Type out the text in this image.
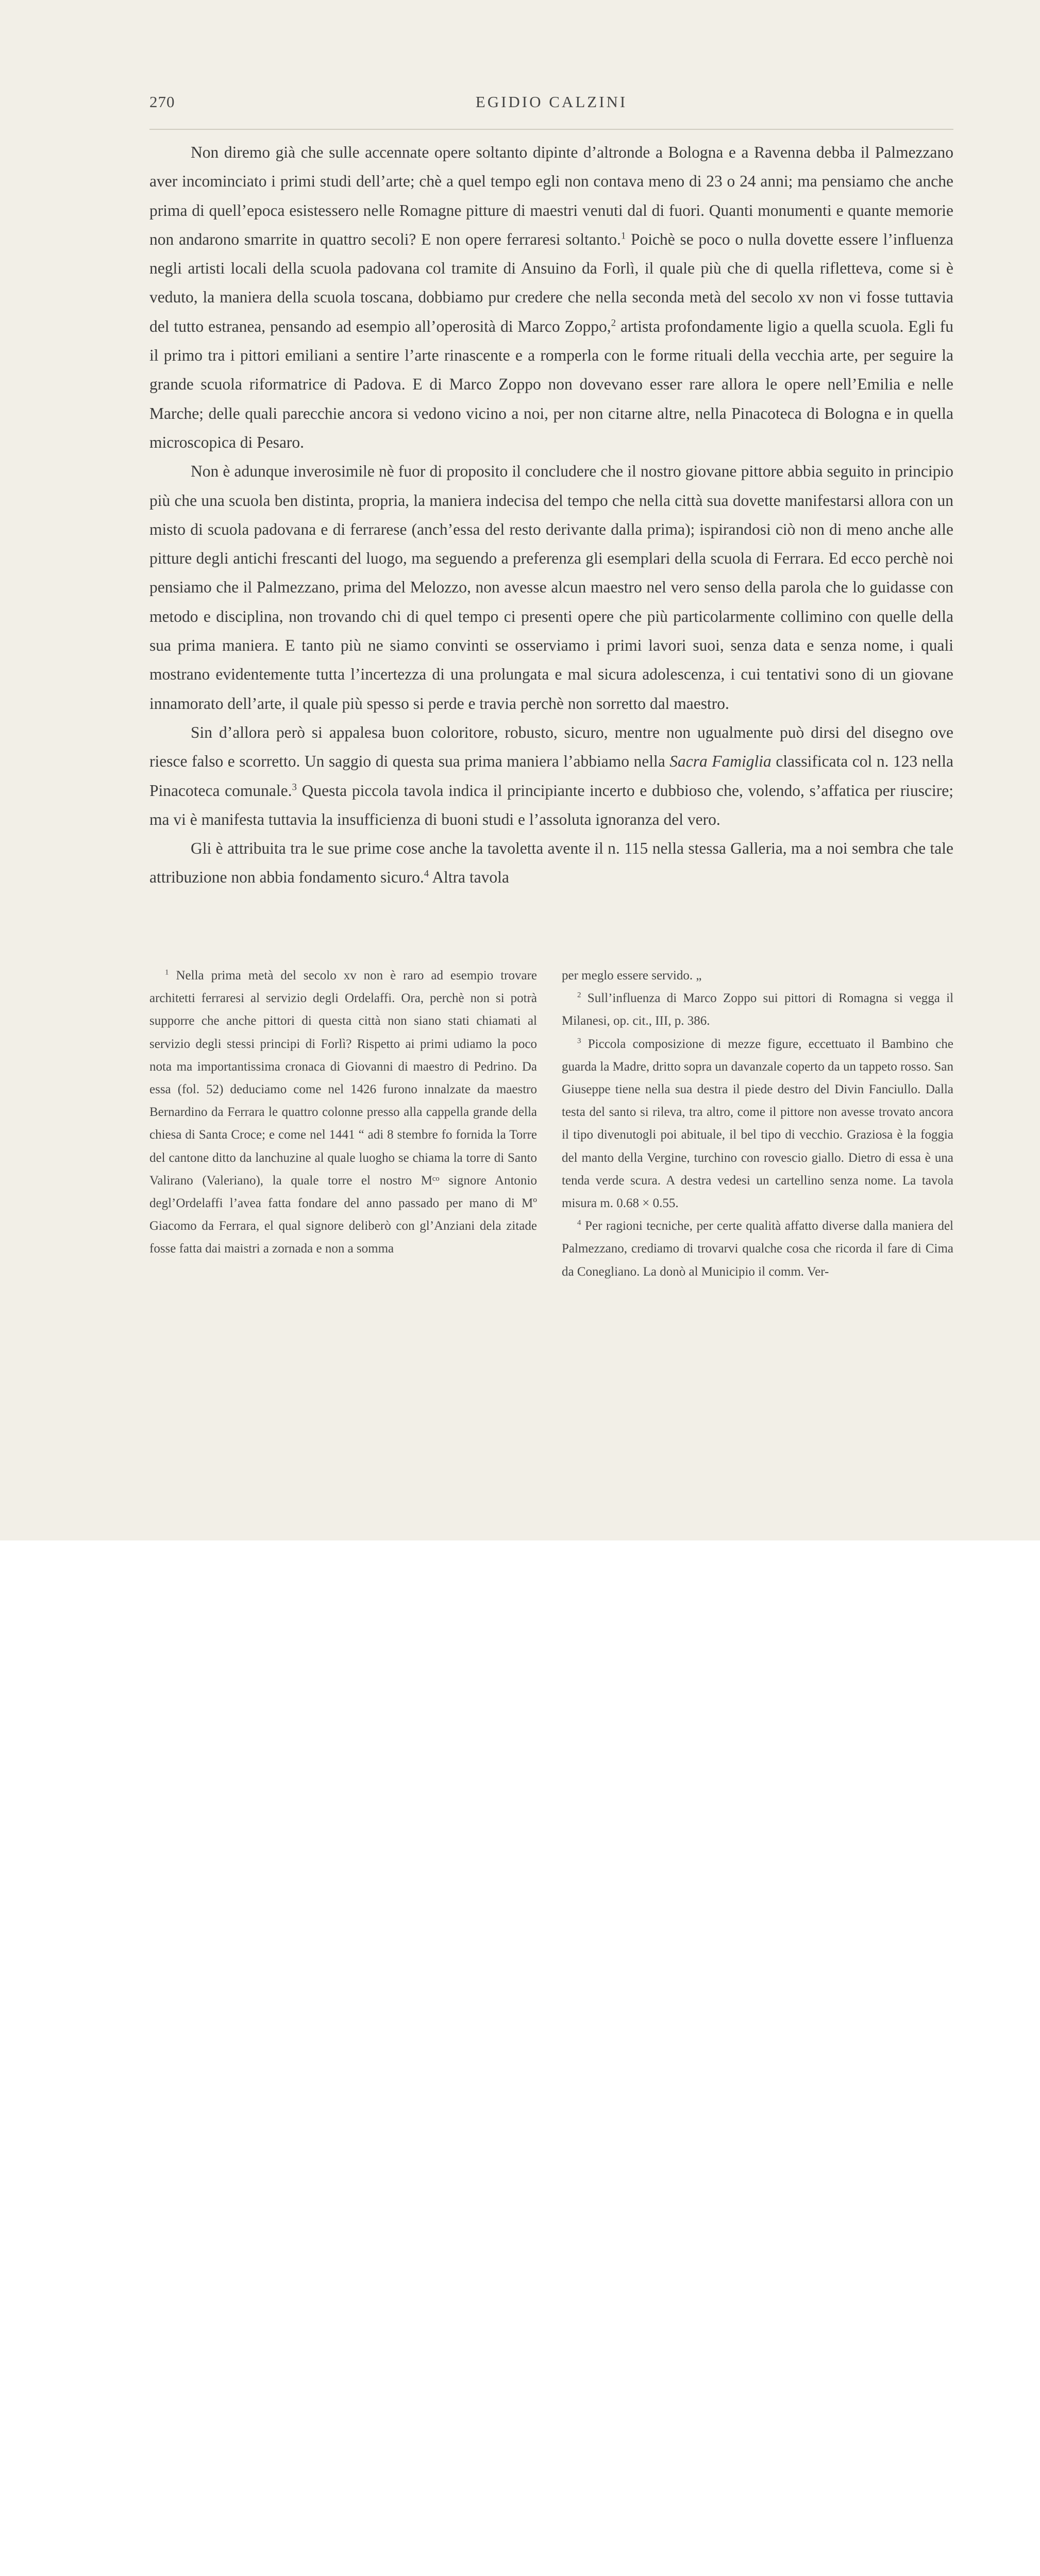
270	EGIDIO CALZINI

Non diremo già che sulle accennate opere soltanto dipinte d’altronde a Bologna e a Ravenna debba il Palmezzano aver incominciato i primi studi dell’arte; chè a quel tempo egli non contava meno di 23 o 24 anni; ma pensiamo che anche prima di quell’epoca esistessero nelle Romagne pitture di maestri venuti dal di fuori. Quanti monumenti e quante memorie non andarono smarrite in quattro secoli? E non opere ferraresi soltanto.$^1$ Poichè se poco o nulla dovette essere l’influenza negli artisti locali della scuola padovana col tramite di Ansuino da Forlì, il quale più che di quella rifletteva, come si è veduto, la maniera della scuola toscana, dobbiamo pur credere che nella seconda metà del secolo xv non vi fosse tuttavia del tutto estranea, pensando ad esempio all’operosità di Marco Zoppo,$^2$ artista profondamente ligio a quella scuola. Egli fu il primo tra i pittori emiliani a sentire l’arte rinascente e a romperla con le forme rituali della vecchia arte, per seguire la grande scuola riformatrice di Padova. E di Marco Zoppo non dovevano esser rare allora le opere nell’Emilia e nelle Marche; delle quali parecchie ancora si vedono vicino a noi, per non citarne altre, nella Pinacoteca di Bologna e in quella microscopica di Pesaro.

Non è adunque inverosimile nè fuor di proposito il concludere che il nostro giovane pittore abbia seguito in principio più che una scuola ben distinta, propria, la maniera indecisa del tempo che nella città sua dovette manifestarsi allora con un misto di scuola padovana e di ferrarese (anch’essa del resto derivante dalla prima); ispirandosi ciò non di meno anche alle pitture degli antichi frescanti del luogo, ma seguendo a preferenza gli esemplari della scuola di Ferrara. Ed ecco perchè noi pensiamo che il Palmezzano, prima del Melozzo, non avesse alcun maestro nel vero senso della parola che lo guidasse con metodo e disciplina, non trovando chi di quel tempo ci presenti opere che più particolarmente collimino con quelle della sua prima maniera. E tanto più ne siamo convinti se osserviamo i primi lavori suoi, senza data e senza nome, i quali mostrano evidentemente tutta l’incertezza di una prolungata e mal sicura adolescenza, i cui tentativi sono di un giovane innamorato dell’arte, il quale più spesso si perde e travia perchè non sorretto dal maestro.

Sin d’allora però si appalesa buon coloritore, robusto, sicuro, mentre non ugualmente può dirsi del disegno ove riesce falso e scorretto. Un saggio di questa sua prima maniera l’abbiamo nella Sacra Famiglia classificata col n. 123 nella Pinacoteca comunale.$^3$ Questa piccola tavola indica il principiante incerto e dubbioso che, volendo, s’affatica per riuscire; ma vi è manifesta tuttavia la insufficienza di buoni studi e l’assoluta ignoranza del vero.

Gli è attribuita tra le sue prime cose anche la tavoletta avente il n. 115 nella stessa Galleria, ma a noi sembra che tale attribuzione non abbia fondamento sicuro.$^4$ Altra tavola

$^1$ Nella prima metà del secolo xv non è raro ad esempio trovare architetti ferraresi al servizio degli Ordelaffi. Ora, perchè non si potrà supporre che anche pittori di questa città non siano stati chiamati al servizio degli stessi principi di Forlì? Rispetto ai primi udiamo la poco nota ma importantissima cronaca di Giovanni di maestro di Pedrino. Da essa (fol. 52) deduciamo come nel 1426 furono innalzate da maestro Bernardino da Ferrara le quattro colonne presso alla cappella grande della chiesa di Santa Croce; e come nel 1441 “ adi 8 stembre fo fornida la Torre del cantone ditto da lanchuzine al quale luogho se chiama la torre di Santo Valirano (Valeriano), la quale torre el nostro Mᶜᵒ signore Antonio degl’Ordelaffi l’avea fatta fondare del anno passado per mano di Mº Giacomo da Ferrara, el qual signore deliberò con gl’Anziani dela zitade fosse fatta dai maistri a zornada e non a somma

per meglo essere servido. „

$^2$ Sull’influenza di Marco Zoppo sui pittori di Romagna si vegga il Milanesi, op. cit., III, p. 386.

$^3$ Piccola composizione di mezze figure, eccettuato il Bambino che guarda la Madre, dritto sopra un davanzale coperto da un tappeto rosso. San Giuseppe tiene nella sua destra il piede destro del Divin Fanciullo. Dalla testa del santo si rileva, tra altro, come il pittore non avesse trovato ancora il tipo divenutogli poi abituale, il bel tipo di vecchio. Graziosa è la foggia del manto della Vergine, turchino con rovescio giallo. Dietro di essa è una tenda verde scura. A destra vedesi un cartellino senza nome. La tavola misura m. 0.68 × 0.55.

$^4$ Per ragioni tecniche, per certe qualità affatto diverse dalla maniera del Palmezzano, crediamo di trovarvi qualche cosa che ricorda il fare di Cima da Conegliano. La donò al Municipio il comm. Ver-
